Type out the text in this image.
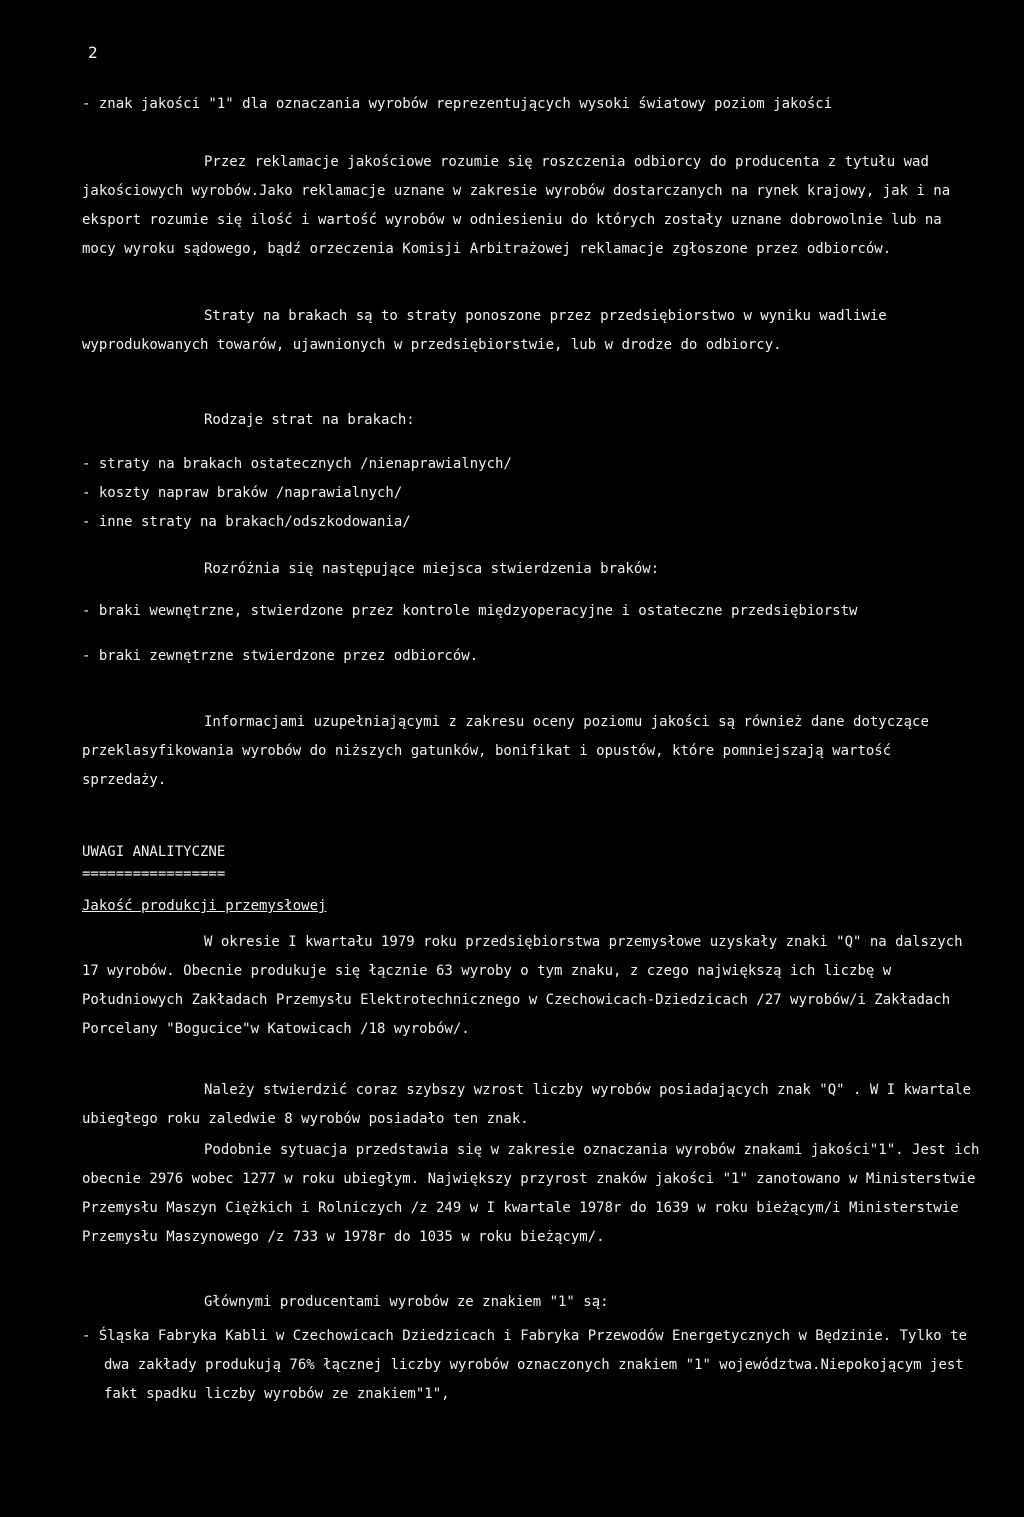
2

- znak jakości "1" dla oznaczania wyrobów reprezentujących wysoki światowy poziom jakości

Przez reklamacje jakościowe rozumie się roszczenia odbiorcy do producenta z tytułu wad jakościowych wyrobów.Jako reklamacje uznane w zakresie wyrobów dostarczanych na rynek krajowy, jak i na eksport rozumie się ilość i wartość wyrobów w odniesieniu do których zostały uznane dobrowolnie lub na mocy wyroku sądowego, bądź orzeczenia Komisji Arbitrażowej reklamacje zgłoszone przez odbiorców.

Straty na brakach są to straty ponoszone przez przedsiębiorstwo w wyniku wadliwie wyprodukowanych towarów, ujawnionych w przedsiębiorstwie, lub w drodze do odbiorcy.

Rodzaje strat na brakach:

- straty na brakach ostatecznych /nienaprawialnych/

- koszty napraw braków /naprawialnych/

- inne straty na brakach/odszkodowania/

Rozróżnia się następujące miejsca stwierdzenia braków:

- braki wewnętrzne, stwierdzone przez kontrole międzyoperacyjne i ostateczne przedsiębiorstw

- braki zewnętrzne stwierdzone przez odbiorców.

Informacjami uzupełniającymi z zakresu oceny poziomu jakości są również dane dotyczące przeklasyfikowania wyrobów do niższych gatunków, bonifikat i opustów, które pomniejszają wartość sprzedaży.

UWAGI ANALITYCZNE

=================

Jakość produkcji przemysłowej

W okresie I kwartału 1979 roku przedsiębiorstwa przemysłowe uzyskały znaki "Q" na dalszych 17 wyrobów. Obecnie produkuje się łącznie 63 wyroby o tym znaku, z czego największą ich liczbę w Południowych Zakładach Przemysłu Elektrotechnicznego w Czechowicach-Dziedzicach /27 wyrobów/i Zakładach Porcelany "Bogucice"w Katowicach /18 wyrobów/.

Należy stwierdzić coraz szybszy wzrost liczby wyrobów posiadających znak "Q" . W I kwartale ubiegłego roku zaledwie 8 wyrobów posiadało ten znak.

Podobnie sytuacja przedstawia się w zakresie oznaczania wyrobów znakami jakości"1". Jest ich obecnie 2976 wobec 1277 w roku ubiegłym. Największy przyrost znaków jakości "1" zanotowano w Ministerstwie Przemysłu Maszyn Ciężkich i Rolniczych /z 249 w I kwartale 1978r do 1639 w roku bieżącym/i Ministerstwie Przemysłu Maszynowego /z 733 w 1978r do 1035 w roku bieżącym/.

Głównymi producentami wyrobów ze znakiem "1" są:

- Śląska Fabryka Kabli w Czechowicach Dziedzicach i Fabryka Przewodów Energetycznych w Będzinie. Tylko te dwa zakłady produkują 76% łącznej liczby wyrobów oznaczonych znakiem "1" województwa.Niepokojącym jest fakt spadku liczby wyrobów ze znakiem"1",
